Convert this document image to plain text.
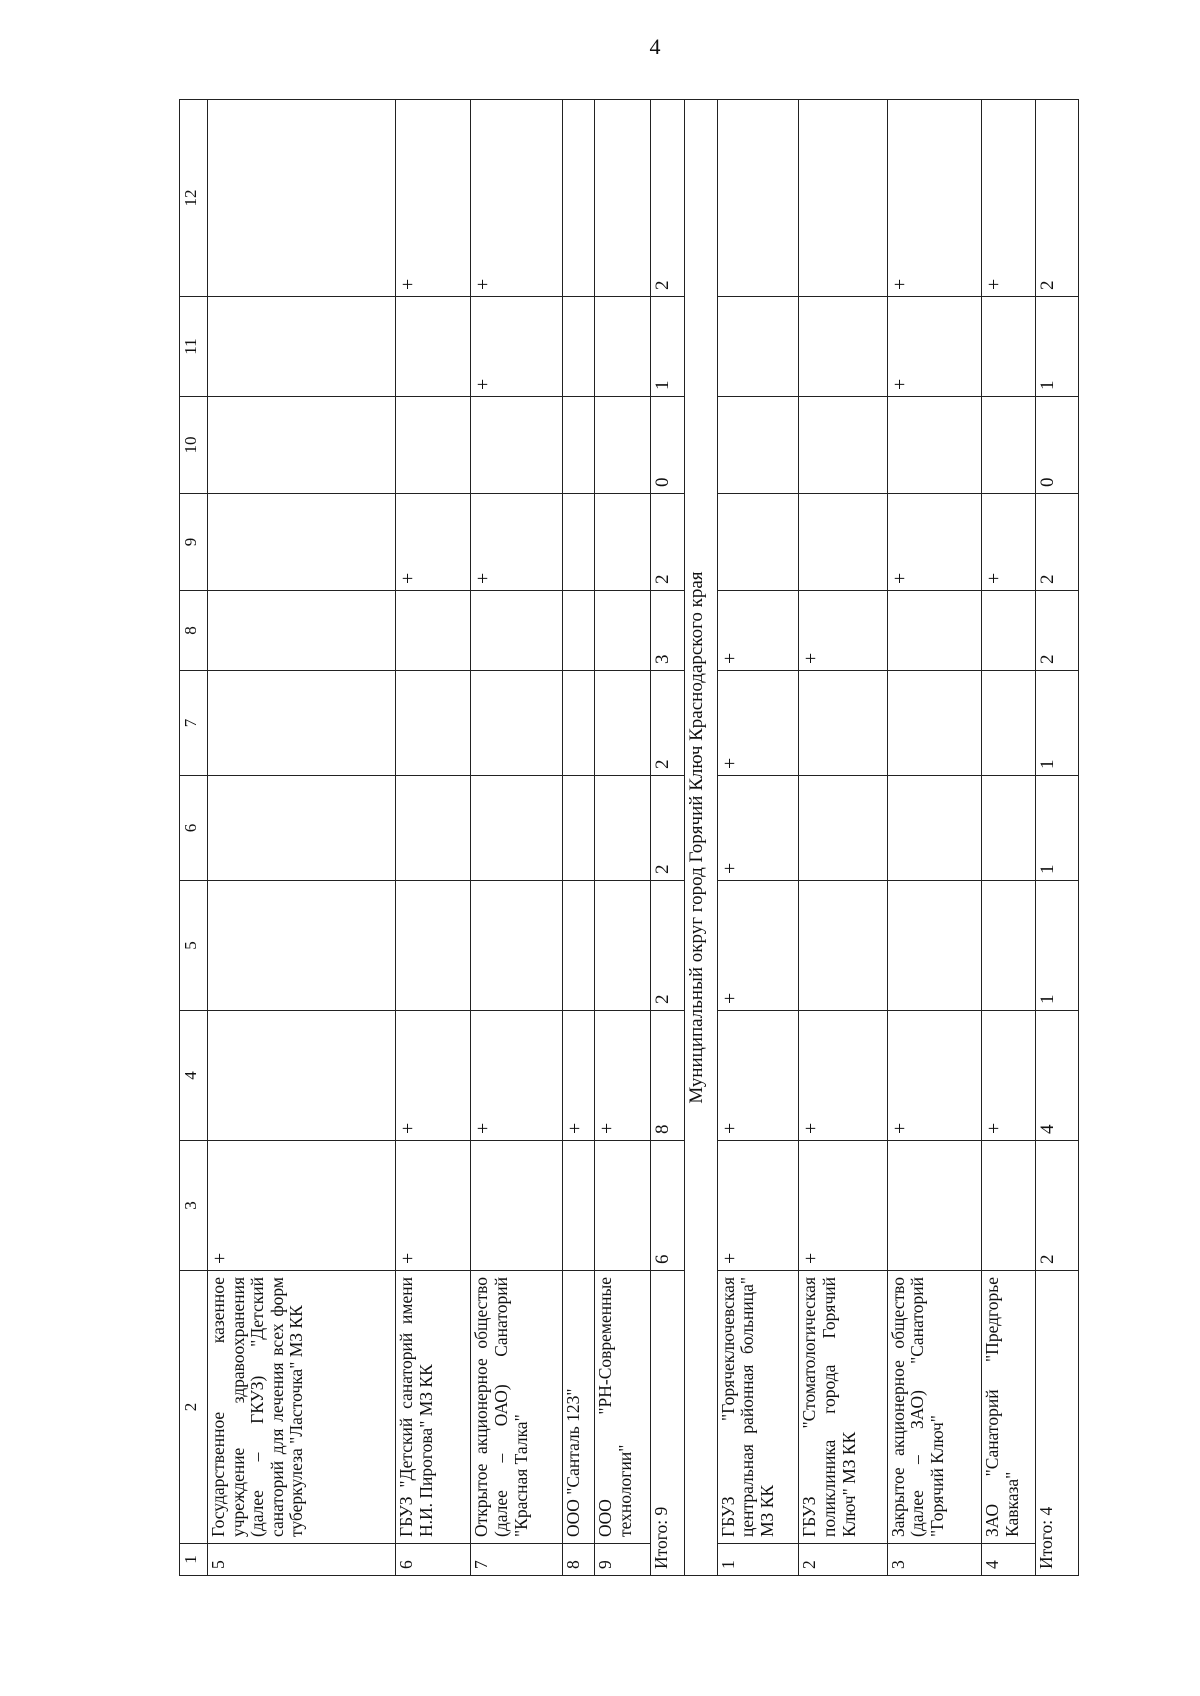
4
1	2	3	4	5	6	7	8	9	10	11	12
5	Государственное казенное учреждение здравоохранения (далее – ГКУЗ) "Детский санаторий для лечения всех форм туберкулеза "Ласточка" МЗ КК	+									
6	ГБУЗ "Детский санаторий имени Н.И. Пирогова" МЗ КК	+	+					+			+
7	Открытое акционерное общество (далее – ОАО) Санаторий "Красная Талка"		+					+		+	+
8	ООО "Санталь 123"		+								
9	ООО "РН-Современные технологии"		+								
Итого: 9		6	8	2	2	2	3	2	0	1	2
Муниципальный округ город Горячий Ключ Краснодарского края											
1	ГБУЗ "Горячеключевская центральная районная больница" МЗ КК	+	+	+	+	+	+				
2	ГБУЗ "Стоматологическая поликлиника города Горячий Ключ" МЗ КК	+	+				+				
3	Закрытое акционерное общество (далее – ЗАО) "Санаторий "Горячий Ключ"		+					+		+	+
4	ЗАО "Санаторий "Предгорье Кавказа"		+					+			+
Итого: 4		2	4	1	1	1	2	2	0	1	2
